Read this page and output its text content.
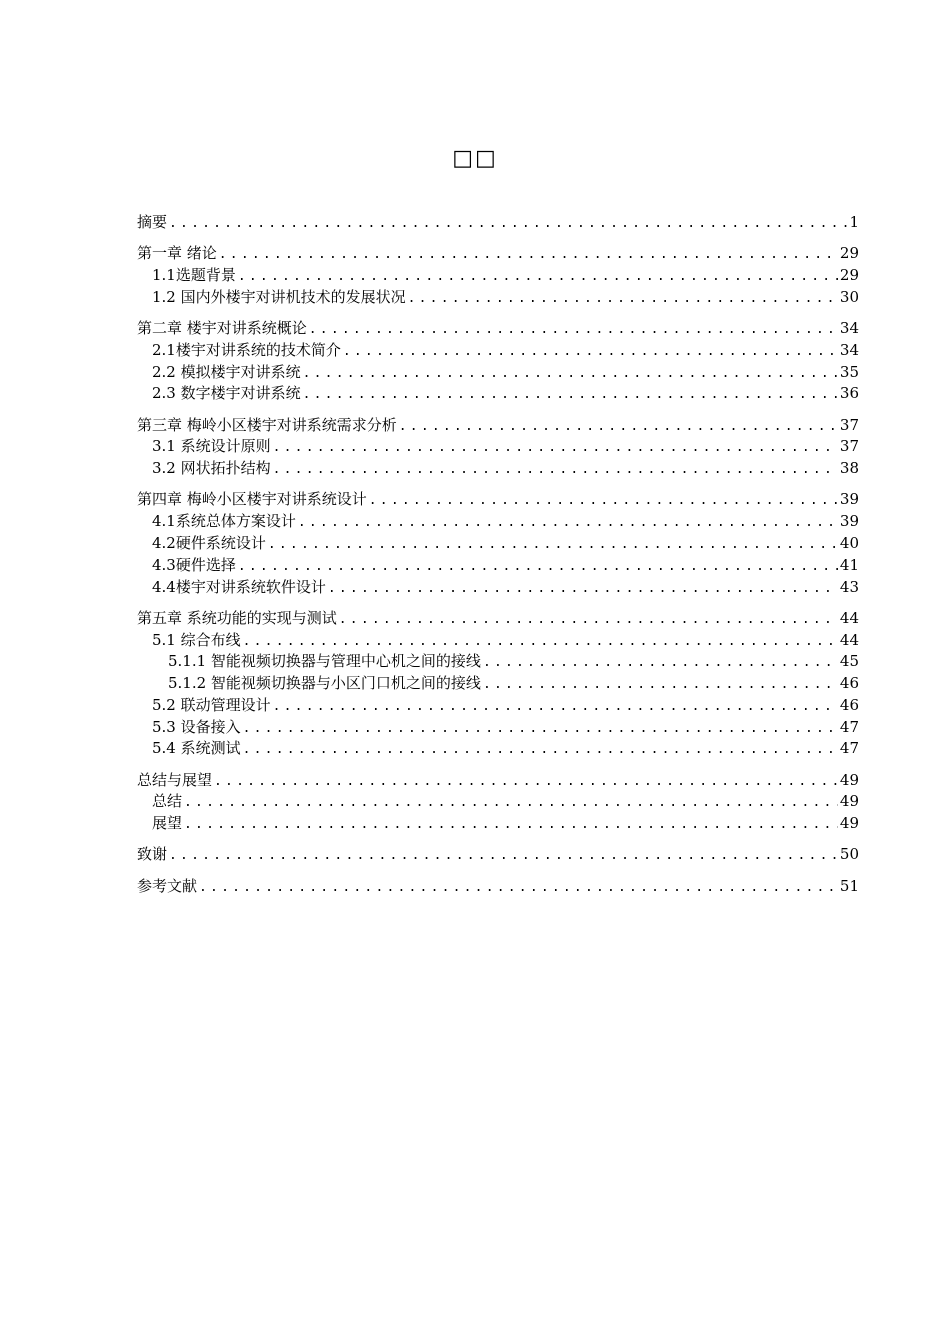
□□
摘要 .....	1
第一章 绪论 .....	29
1.1选题背景 .....	29
1.2 国内外楼宇对讲机技术的发展状况 .....	30
第二章 楼宇对讲系统概论 .....	34
2.1楼宇对讲系统的技术简介 .....	34
2.2 模拟楼宇对讲系统 .....	35
2.3 数字楼宇对讲系统 .....	36
第三章 梅岭小区楼宇对讲系统需求分析 .....	37
3.1 系统设计原则 .....	37
3.2 网状拓扑结构 .....	38
第四章 梅岭小区楼宇对讲系统设计 .....	39
4.1系统总体方案设计 .....	39
4.2硬件系统设计 .....	40
4.3硬件选择 .....	41
4.4楼宇对讲系统软件设计 .....	43
第五章 系统功能的实现与测试 .....	44
5.1 综合布线 .....	44
5.1.1 智能视频切换器与管理中心机之间的接线 .....	45
5.1.2 智能视频切换器与小区门口机之间的接线 .....	46
5.2 联动管理设计 .....	46
5.3 设备接入 .....	47
5.4 系统测试 .....	47
总结与展望 .....	49
总结 .....	49
展望 .....	49
致谢 .....	50
参考文献 .....	51
